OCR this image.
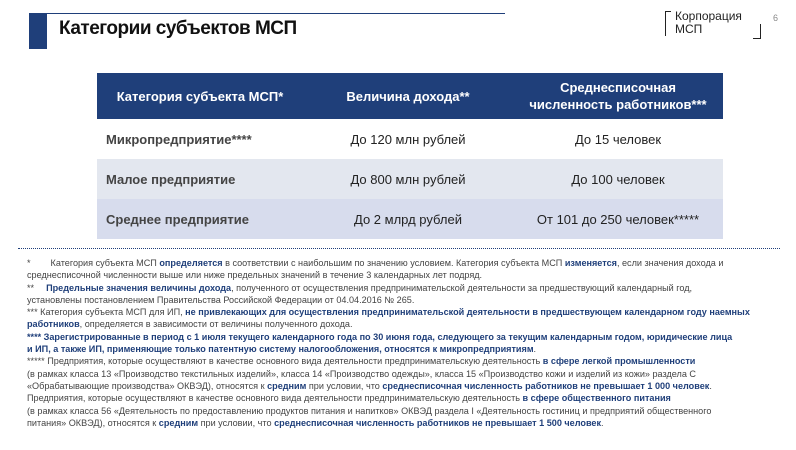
Категории субъектов МСП
Корпорация
МСП
6
Категория субъекта МСП*	Величина дохода**	Среднесписочная
численность работников***

Микропредприятие****	До 120 млн рублей	До 15 человек
Малое предприятие	До 800 млн рублей	До 100 человек
Среднее предприятие	До 2 млрд рублей	От 101 до 250 человек*****

* Категория субъекта МСП определяется в соответствии с наибольшим по значению условием. Категория субъекта МСП изменяется, если значения дохода и

среднесписочной численности выше или ниже предельных значений в течение 3 календарных лет подряд.

** Предельные значения величины дохода, полученного от осуществления предпринимательской деятельности за предшествующий календарный год,

установлены постановлением Правительства Российской Федерации от 04.04.2016 № 265.

*** Категория субъекта МСП для ИП, не привлекающих для осуществления предпринимательской деятельности в предшествующем календарном году наемных

работников, определяется в зависимости от величины полученного дохода.

**** Зарегистрированные в период с 1 июля текущего календарного года по 30 июня года, следующего за текущим календарным годом, юридические лица

и ИП, а также ИП, применяющие только патентную систему налогообложения, относятся к микропредприятиям.

***** Предприятия, которые осуществляют в качестве основного вида деятельности предпринимательскую деятельность в сфере легкой промышленности

(в рамках класса 13 «Производство текстильных изделий», класса 14 «Производство одежды», класса 15 «Производство кожи и изделий из кожи» раздела С

«Обрабатывающие производства» ОКВЭД), относятся к средним при условии, что среднесписочная численность работников не превышает 1 000 человек.

Предприятия, которые осуществляют в качестве основного вида деятельности предпринимательскую деятельность в сфере общественного питания

(в рамках класса 56 «Деятельность по предоставлению продуктов питания и напитков» ОКВЭД раздела I «Деятельность гостиниц и предприятий общественного

питания» ОКВЭД), относятся к средним при условии, что среднесписочная численность работников не превышает 1 500 человек.
